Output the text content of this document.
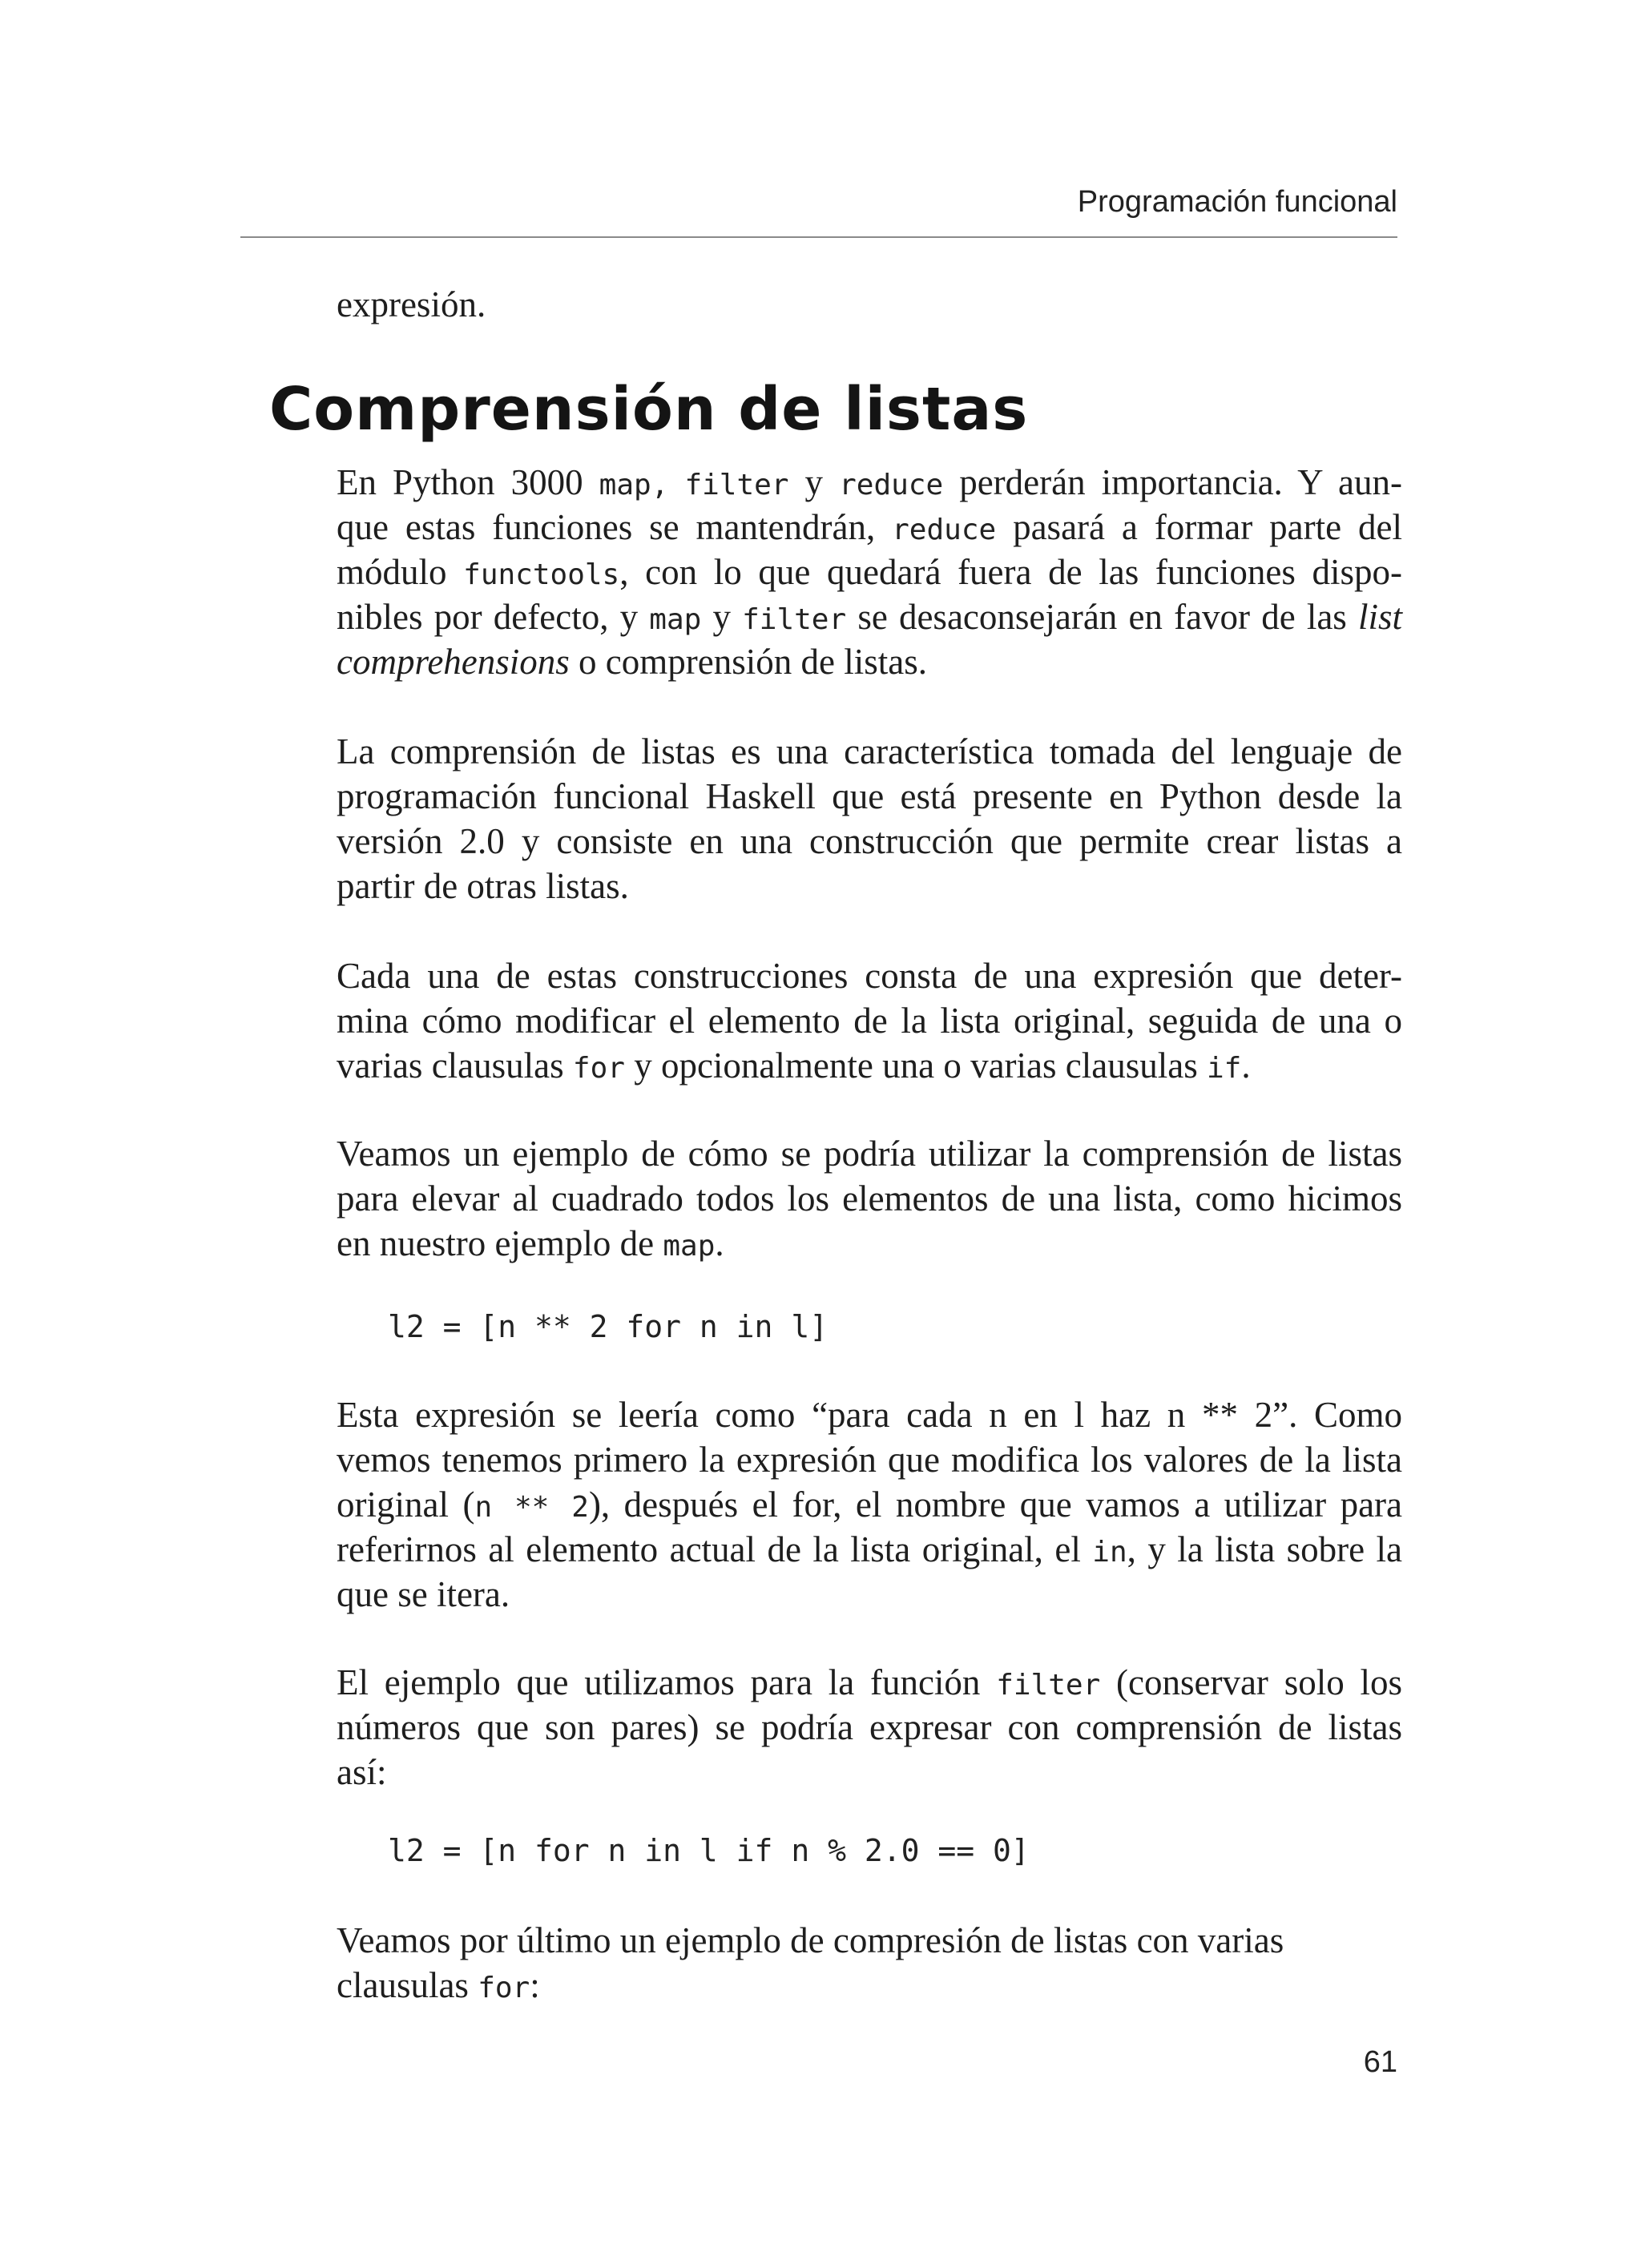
Programación funcional

expresión.

Comprensión de listas

En Python 3000 map, filter y reduce perderán importancia. Y aun-
que estas funciones se mantendrán, reduce pasará a formar parte del
módulo functools, con lo que quedará fuera de las funciones dispo-
nibles por defecto, y map y filter se desaconsejarán en favor de las list
comprehensions o comprensión de listas.

La comprensión de listas es una característica tomada del lenguaje de
programación funcional Haskell que está presente en Python desde la
versión 2.0 y consiste en una construcción que permite crear listas a
partir de otras listas.

Cada una de estas construcciones consta de una expresión que deter-
mina cómo modificar el elemento de la lista original, seguida de una o
varias clausulas for y opcionalmente una o varias clausulas if.

Veamos un ejemplo de cómo se podría utilizar la comprensión de listas
para elevar al cuadrado todos los elementos de una lista, como hicimos
en nuestro ejemplo de map.

l2 = [n ** 2 for n in l]

Esta expresión se leería como “para cada n en l haz n ** 2”. Como
vemos tenemos primero la expresión que modifica los valores de la lista
original (n ** 2), después el for, el nombre que vamos a utilizar para
referirnos al elemento actual de la lista original, el in, y la lista sobre la
que se itera.

El ejemplo que utilizamos para la función filter (conservar solo los
números que son pares) se podría expresar con comprensión de listas
así:

l2 = [n for n in l if n % 2.0 == 0]

Veamos por último un ejemplo de compresión de listas con varias
clausulas for:

61
